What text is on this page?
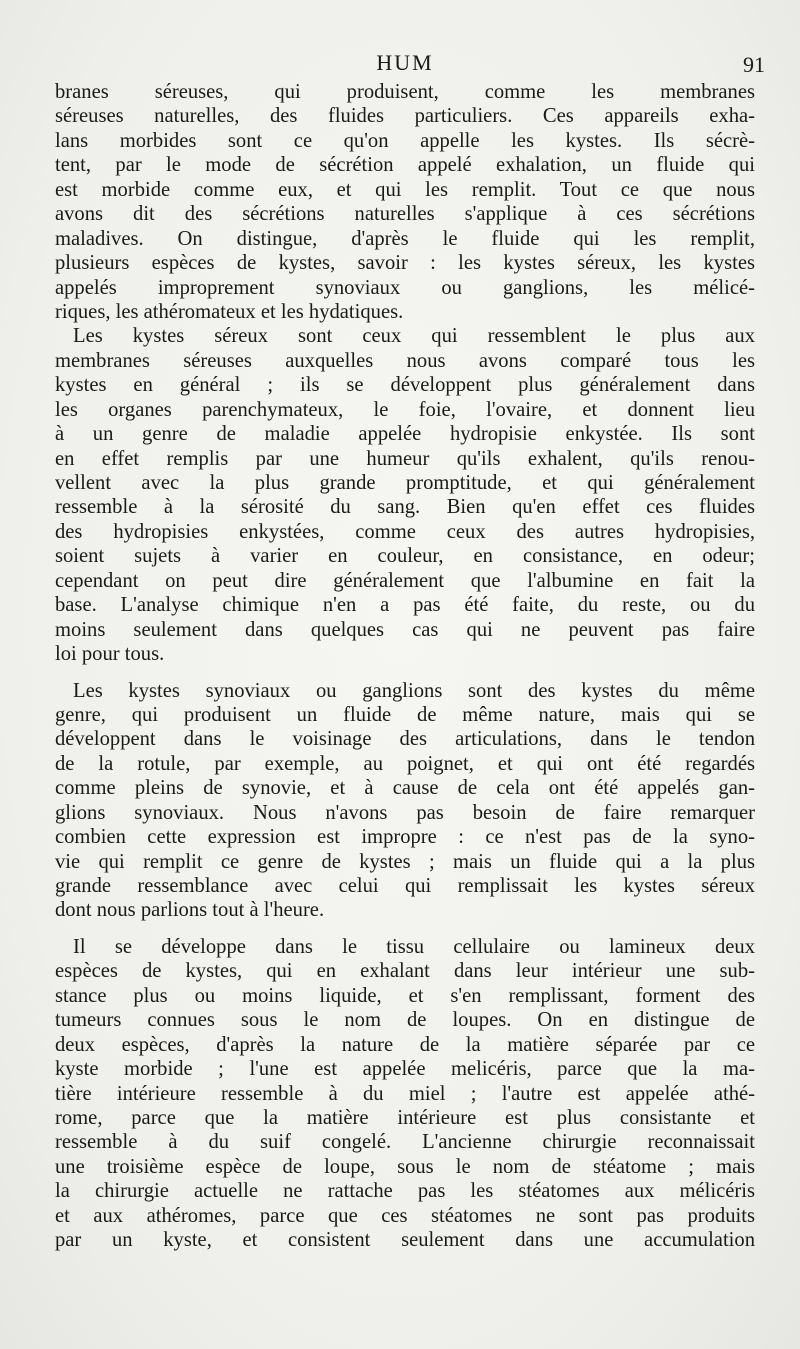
HUM	91
branes séreuses, qui produisent, comme les membranes
séreuses naturelles, des fluides particuliers. Ces appareils exha-
lans morbides sont ce qu'on appelle les kystes. Ils sécrè-
tent, par le mode de sécrétion appelé exhalation, un fluide qui
est morbide comme eux, et qui les remplit. Tout ce que nous
avons dit des sécrétions naturelles s'applique à ces sécrétions
maladives. On distingue, d'après le fluide qui les remplit,
plusieurs espèces de kystes, savoir : les kystes séreux, les kystes
appelés improprement synoviaux ou ganglions, les mélicé-
riques, les athéromateux et les hydatiques.
Les kystes séreux sont ceux qui ressemblent le plus aux
membranes séreuses auxquelles nous avons comparé tous les
kystes en général ; ils se développent plus généralement dans
les organes parenchymateux, le foie, l'ovaire, et donnent lieu
à un genre de maladie appelée hydropisie enkystée. Ils sont
en effet remplis par une humeur qu'ils exhalent, qu'ils renou-
vellent avec la plus grande promptitude, et qui généralement
ressemble à la sérosité du sang. Bien qu'en effet ces fluides
des hydropisies enkystées, comme ceux des autres hydropisies,
soient sujets à varier en couleur, en consistance, en odeur;
cependant on peut dire généralement que l'albumine en fait la
base. L'analyse chimique n'en a pas été faite, du reste, ou du
moins seulement dans quelques cas qui ne peuvent pas faire
loi pour tous.
Les kystes synoviaux ou ganglions sont des kystes du même
genre, qui produisent un fluide de même nature, mais qui se
développent dans le voisinage des articulations, dans le tendon
de la rotule, par exemple, au poignet, et qui ont été regardés
comme pleins de synovie, et à cause de cela ont été appelés gan-
glions synoviaux. Nous n'avons pas besoin de faire remarquer
combien cette expression est impropre : ce n'est pas de la syno-
vie qui remplit ce genre de kystes ; mais un fluide qui a la plus
grande ressemblance avec celui qui remplissait les kystes séreux
dont nous parlions tout à l'heure.
Il se développe dans le tissu cellulaire ou lamineux deux
espèces de kystes, qui en exhalant dans leur intérieur une sub-
stance plus ou moins liquide, et s'en remplissant, forment des
tumeurs connues sous le nom de loupes. On en distingue de
deux espèces, d'après la nature de la matière séparée par ce
kyste morbide ; l'une est appelée melicéris, parce que la ma-
tière intérieure ressemble à du miel ; l'autre est appelée athé-
rome, parce que la matière intérieure est plus consistante et
ressemble à du suif congelé. L'ancienne chirurgie reconnaissait
une troisième espèce de loupe, sous le nom de stéatome ; mais
la chirurgie actuelle ne rattache pas les stéatomes aux mélicéris
et aux athéromes, parce que ces stéatomes ne sont pas produits
par un kyste, et consistent seulement dans une accumulation
